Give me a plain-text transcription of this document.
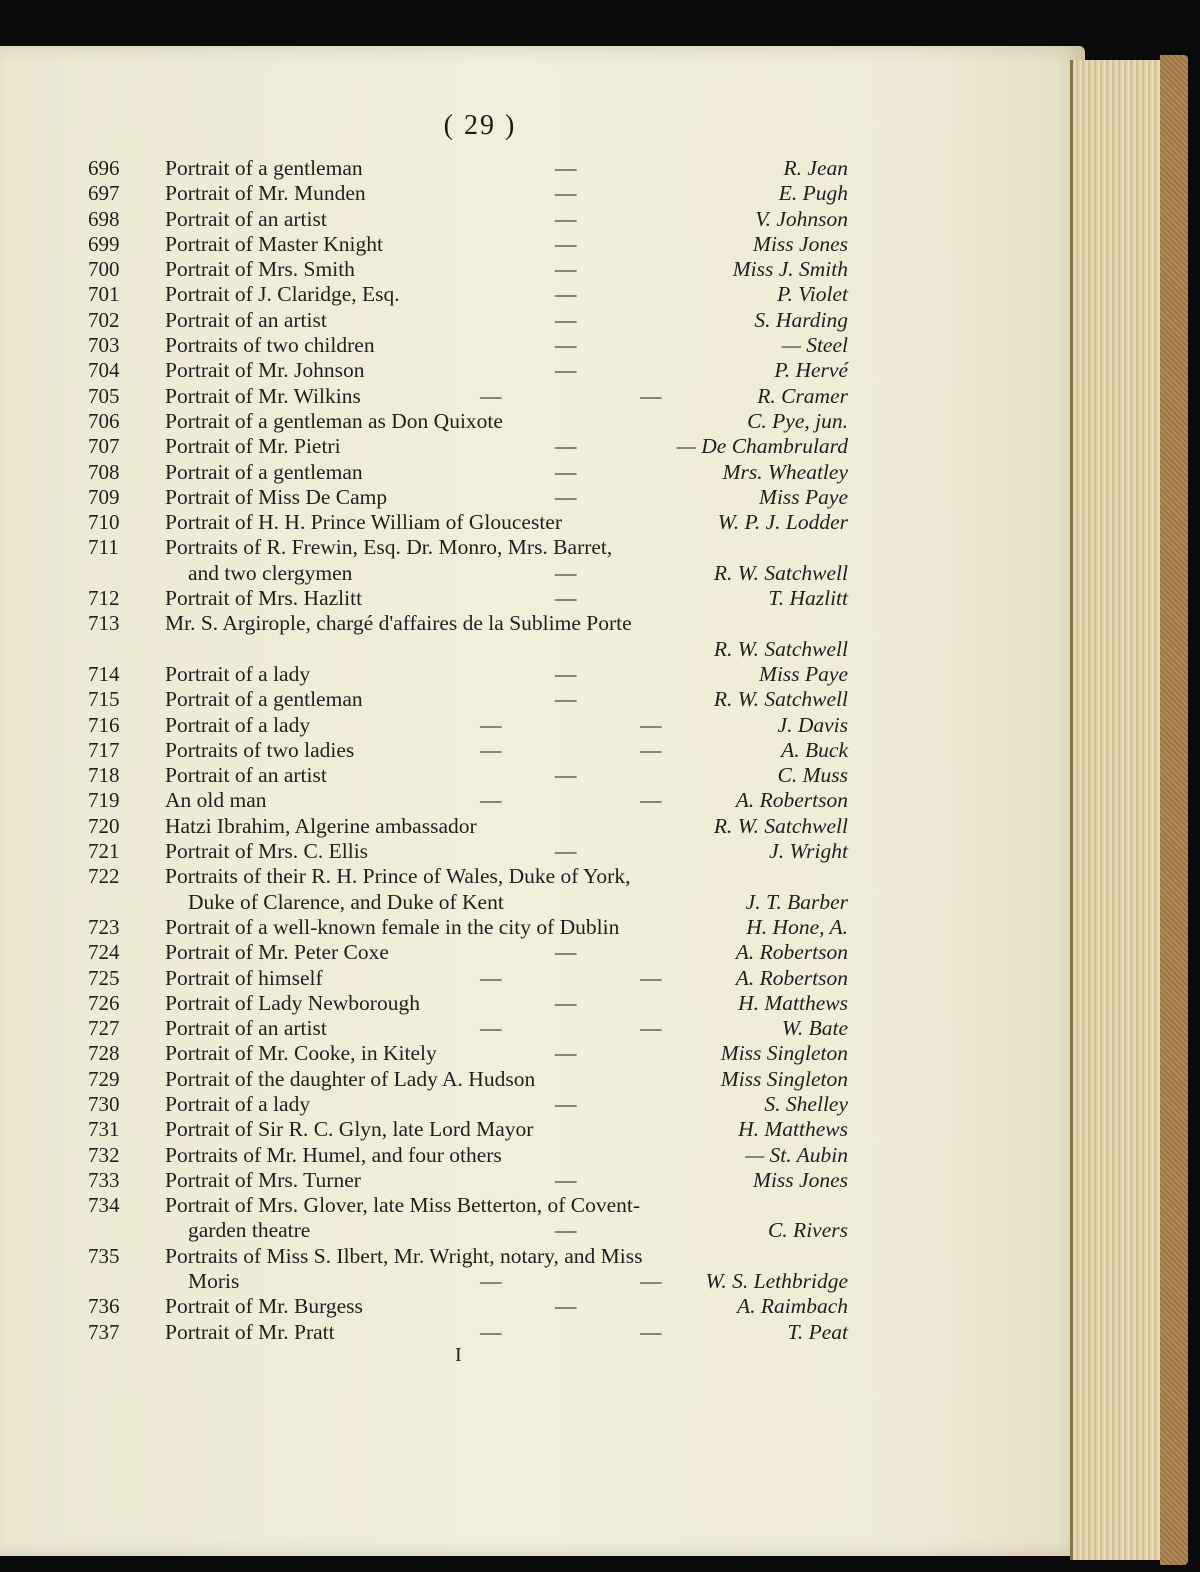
( 29 )
696 Portrait of a gentleman	—	R. Jean
697 Portrait of Mr. Munden	—	E. Pugh
698 Portrait of an artist	—	V. Johnson
699 Portrait of Master Knight	—	Miss Jones
700 Portrait of Mrs. Smith	—	Miss J. Smith
701 Portrait of J. Claridge, Esq.	—	P. Violet
702 Portrait of an artist	—	S. Harding
703 Portraits of two children	—	— Steel
704 Portrait of Mr. Johnson	—	P. Hervé
705 Portrait of Mr. Wilkins	—	—	R. Cramer
706 Portrait of a gentleman as Don Quixote	C. Pye, jun.
707 Portrait of Mr. Pietri	—	— De Chambrulard
708 Portrait of a gentleman	—	Mrs. Wheatley
709 Portrait of Miss De Camp	—	Miss Paye
710 Portrait of H. H. Prince William of Gloucester	W. P. J. Lodder
711 Portraits of R. Frewin, Esq. Dr. Monro, Mrs. Barret,
and two clergymen	—	R. W. Satchwell
712 Portrait of Mrs. Hazlitt	—	T. Hazlitt
713 Mr. S. Argirople, chargé d'affaires de la Sublime Porte
R. W. Satchwell
714 Portrait of a lady	—	Miss Paye
715 Portrait of a gentleman	—	R. W. Satchwell
716 Portrait of a lady	—	—	J. Davis
717 Portraits of two ladies	—	—	A. Buck
718 Portrait of an artist	—	C. Muss
719 An old man	—	—	A. Robertson
720 Hatzi Ibrahim, Algerine ambassador	R. W. Satchwell
721 Portrait of Mrs. C. Ellis	—	J. Wright
722 Portraits of their R. H. Prince of Wales, Duke of York,
Duke of Clarence, and Duke of Kent	J. T. Barber
723 Portrait of a well-known female in the city of Dublin	H. Hone, A.
724 Portrait of Mr. Peter Coxe	—	A. Robertson
725 Portrait of himself	—	—	A. Robertson
726 Portrait of Lady Newborough	—	H. Matthews
727 Portrait of an artist	—	—	W. Bate
728 Portrait of Mr. Cooke, in Kitely	—	Miss Singleton
729 Portrait of the daughter of Lady A. Hudson	Miss Singleton
730 Portrait of a lady	—	S. Shelley
731 Portrait of Sir R. C. Glyn, late Lord Mayor	H. Matthews
732 Portraits of Mr. Humel, and four others	— St. Aubin
733 Portrait of Mrs. Turner	—	Miss Jones
734 Portrait of Mrs. Glover, late Miss Betterton, of Covent-
garden theatre	—	C. Rivers
735 Portraits of Miss S. Ilbert, Mr. Wright, notary, and Miss
Moris	—	— W. S. Lethbridge
736 Portrait of Mr. Burgess	—	A. Raimbach
737 Portrait of Mr. Pratt	—	—	T. Peat
I
